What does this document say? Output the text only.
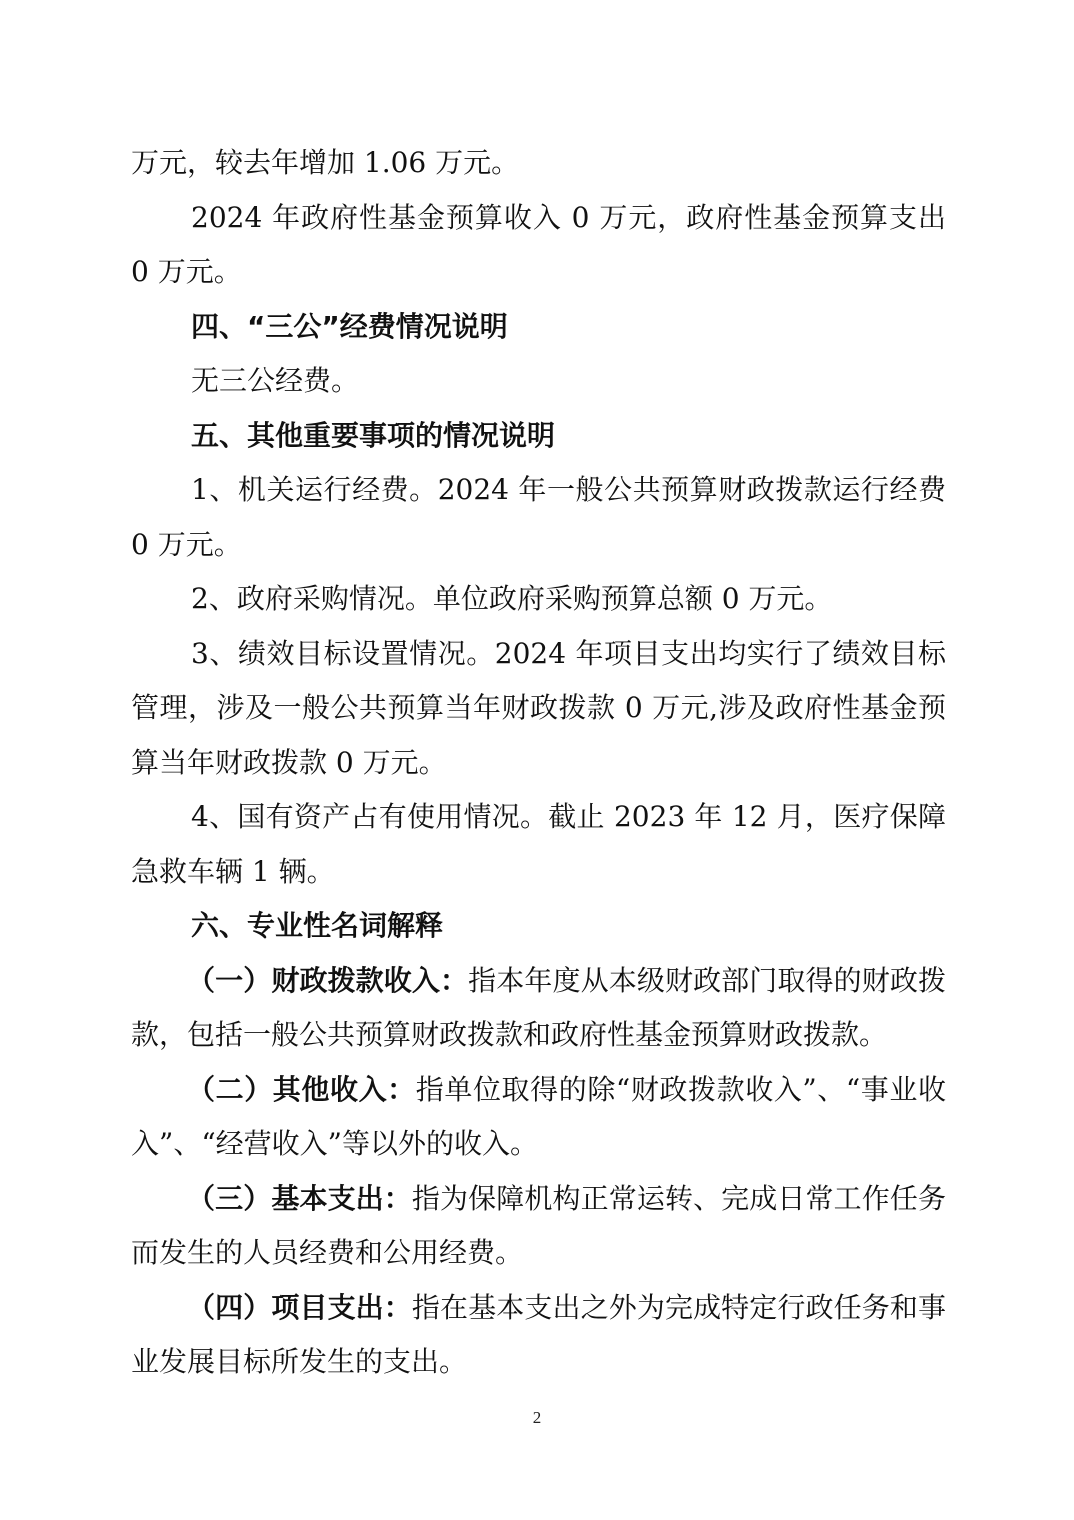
万元，较去年增加 1.06 万元。

2024 年政府性基金预算收入 0 万元，政府性基金预算支出 0 万元。

四、“三公”经费情况说明

无三公经费。

五、其他重要事项的情况说明

1、机关运行经费。2024 年一般公共预算财政拨款运行经费 0 万元。

2、政府采购情况。单位政府采购预算总额 0 万元。

3、绩效目标设置情况。2024 年项目支出均实行了绩效目标管理，涉及一般公共预算当年财政拨款 0 万元,涉及政府性基金预算当年财政拨款 0 万元。

4、国有资产占有使用情况。截止 2023 年 12 月，医疗保障急救车辆 1 辆。

六、专业性名词解释

（一）财政拨款收入：指本年度从本级财政部门取得的财政拨款，包括一般公共预算财政拨款和政府性基金预算财政拨款。

（二）其他收入：指单位取得的除“财政拨款收入”、“事业收入”、“经营收入”等以外的收入。

（三）基本支出：指为保障机构正常运转、完成日常工作任务而发生的人员经费和公用经费。

（四）项目支出：指在基本支出之外为完成特定行政任务和事业发展目标所发生的支出。

2
